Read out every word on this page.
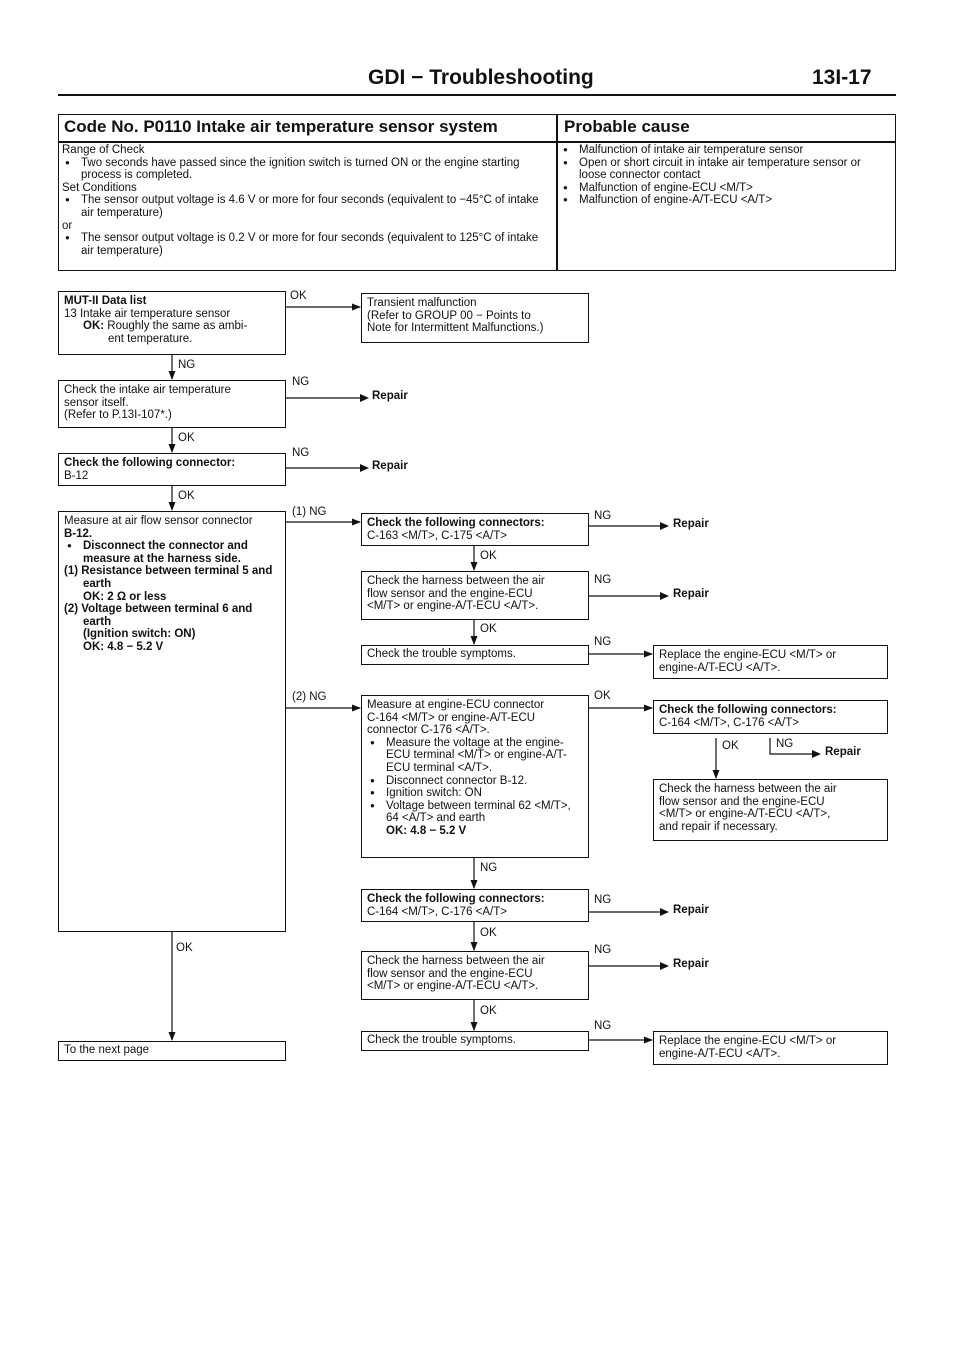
GDI − Troubleshooting	13I-17
Code No. P0110 Intake air temperature sensor system	Probable cause
Range of Check
● Two seconds have passed since the ignition switch is turned ON or the engine starting process is completed.
Set Conditions
● The sensor output voltage is 4.6 V or more for four seconds (equivalent to −45°C of intake air temperature)
or
● The sensor output voltage is 0.2 V or more for four seconds (equivalent to 125°C of intake air temperature)
● Malfunction of intake air temperature sensor
● Open or short circuit in intake air temperature sensor or loose connector contact
● Malfunction of engine-ECU <M/T>
● Malfunction of engine-A/T-ECU <A/T>
MUT-II Data list
13 Intake air temperature sensor
OK: Roughly the same as ambi-
ent temperature.
Check the intake air temperature
sensor itself.
(Refer to P.13I-107*.)
Check the following connector:
B-12
Measure at air flow sensor connector
B-12.
● Disconnect the connector and measure at the harness side.
(1) Resistance between terminal 5 and earth
OK: 2 Ω or less
(2) Voltage between terminal 6 and earth
(Ignition switch: ON)
OK: 4.8 − 5.2 V
To the next page
Transient malfunction
(Refer to GROUP 00 − Points to
Note for Intermittent Malfunctions.)
Check the following connectors:
C-163 <M/T>, C-175 <A/T>
Check the harness between the air
flow sensor and the engine-ECU
<M/T> or engine-A/T-ECU <A/T>.
Check the trouble symptoms.
Measure at engine-ECU connector
C-164 <M/T> or engine-A/T-ECU
connector C-176 <A/T>.
● Measure the voltage at the engine-ECU terminal <M/T> or engine-A/T-ECU terminal <A/T>.
● Disconnect connector B-12.
● Ignition switch: ON
● Voltage between terminal 62 <M/T>, 64 <A/T> and earth
OK: 4.8 − 5.2 V
Check the following connectors:
C-164 <M/T>, C-176 <A/T>
Check the harness between the air
flow sensor and the engine-ECU
<M/T> or engine-A/T-ECU <A/T>.
Check the trouble symptoms.
Replace the engine-ECU <M/T> or
engine-A/T-ECU <A/T>.
Check the following connectors:
C-164 <M/T>, C-176 <A/T>
Check the harness between the air
flow sensor and the engine-ECU
<M/T> or engine-A/T-ECU <A/T>,
and repair if necessary.
Replace the engine-ECU <M/T> or
engine-A/T-ECU <A/T>.
OK
NG
NG
OK
NG
OK
(1) NG
(2) NG
OK
OK
OK
NG
OK
OK
NG
NG
NG
OK
NG
NG
NG
OK	NG
Repair
Repair
Repair
Repair
Repair
Repair
Repair
